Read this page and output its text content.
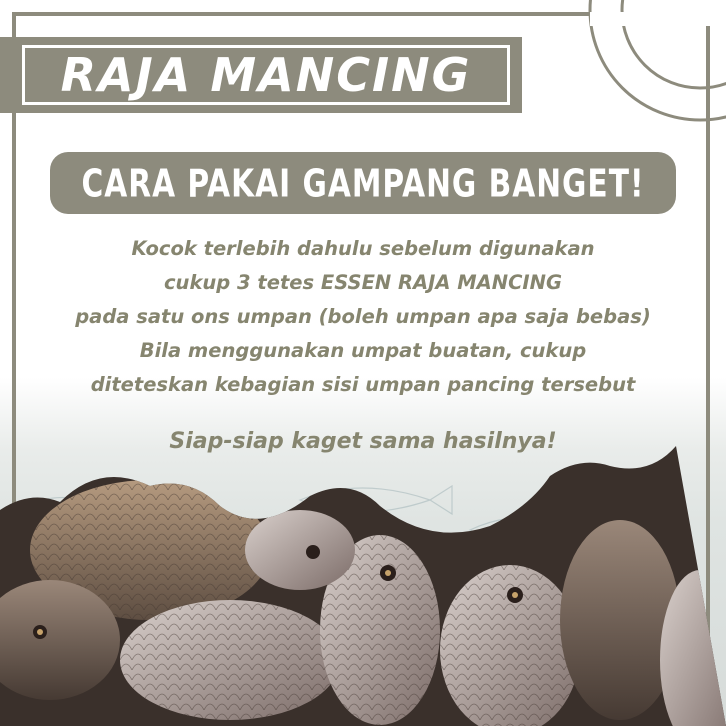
RAJA MANCING
CARA PAKAI GAMPANG BANGET!
Kocok terlebih dahulu sebelum digunakan
cukup 3 tetes ESSEN RAJA MANCING
pada satu ons umpan (boleh umpan apa saja bebas)
Bila menggunakan umpat buatan, cukup
diteteskan kebagian sisi umpan pancing tersebut
Siap-siap kaget sama hasilnya!
